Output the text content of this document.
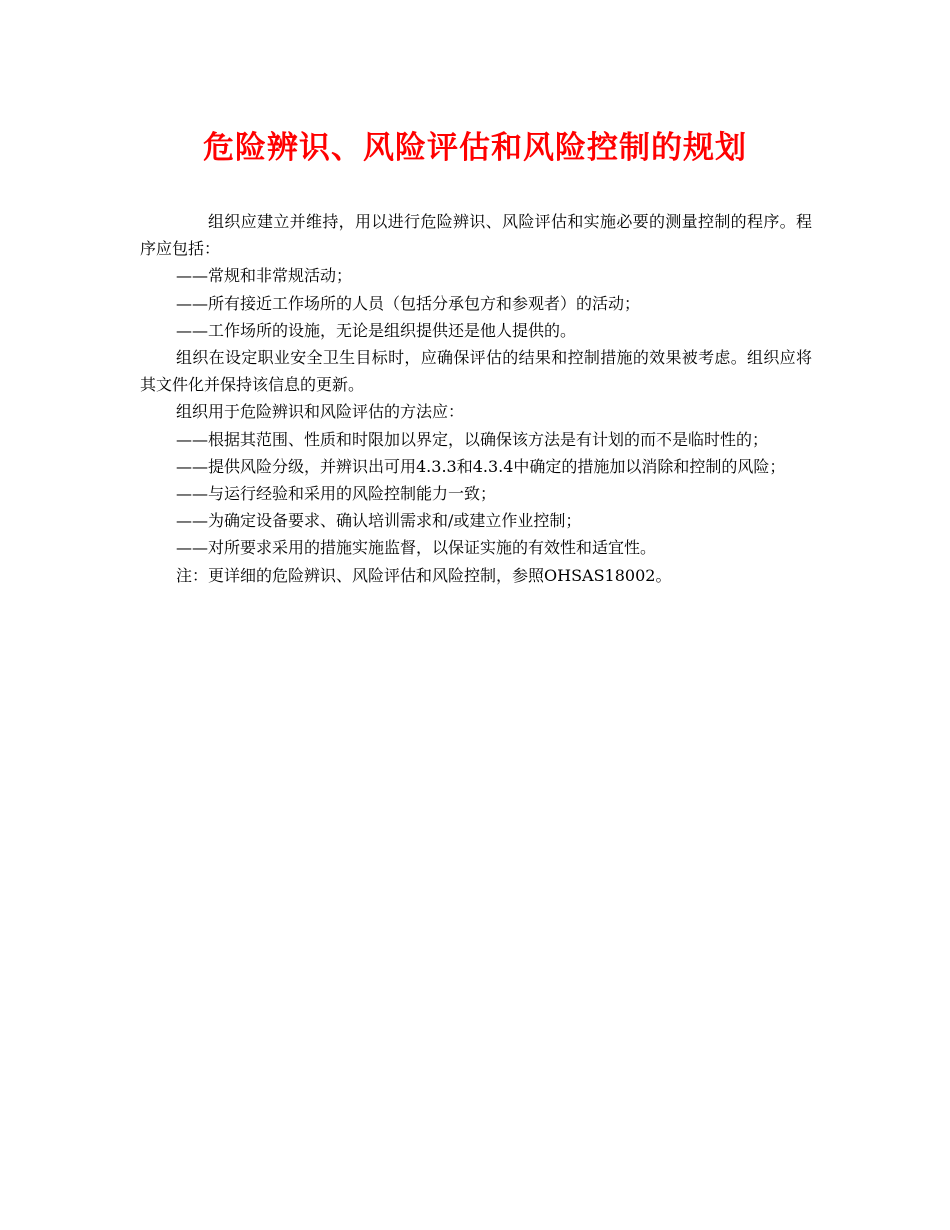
危险辨识、风险评估和风险控制的规划

组织应建立并维持，用以进行危险辨识、风险评估和实施必要的测量控制的程序。程序应包括：

——常规和非常规活动；

——所有接近工作场所的人员（包括分承包方和参观者）的活动；

——工作场所的设施，无论是组织提供还是他人提供的。

组织在设定职业安全卫生目标时，应确保评估的结果和控制措施的效果被考虑。组织应将其文件化并保持该信息的更新。

组织用于危险辨识和风险评估的方法应：

——根据其范围、性质和时限加以界定，以确保该方法是有计划的而不是临时性的；

——提供风险分级，并辨识出可用4.3.3和4.3.4中确定的措施加以消除和控制的风险；

——与运行经验和采用的风险控制能力一致；

——为确定设备要求、确认培训需求和/或建立作业控制；

——对所要求采用的措施实施监督，以保证实施的有效性和适宜性。

注：更详细的危险辨识、风险评估和风险控制，参照OHSAS18002。
